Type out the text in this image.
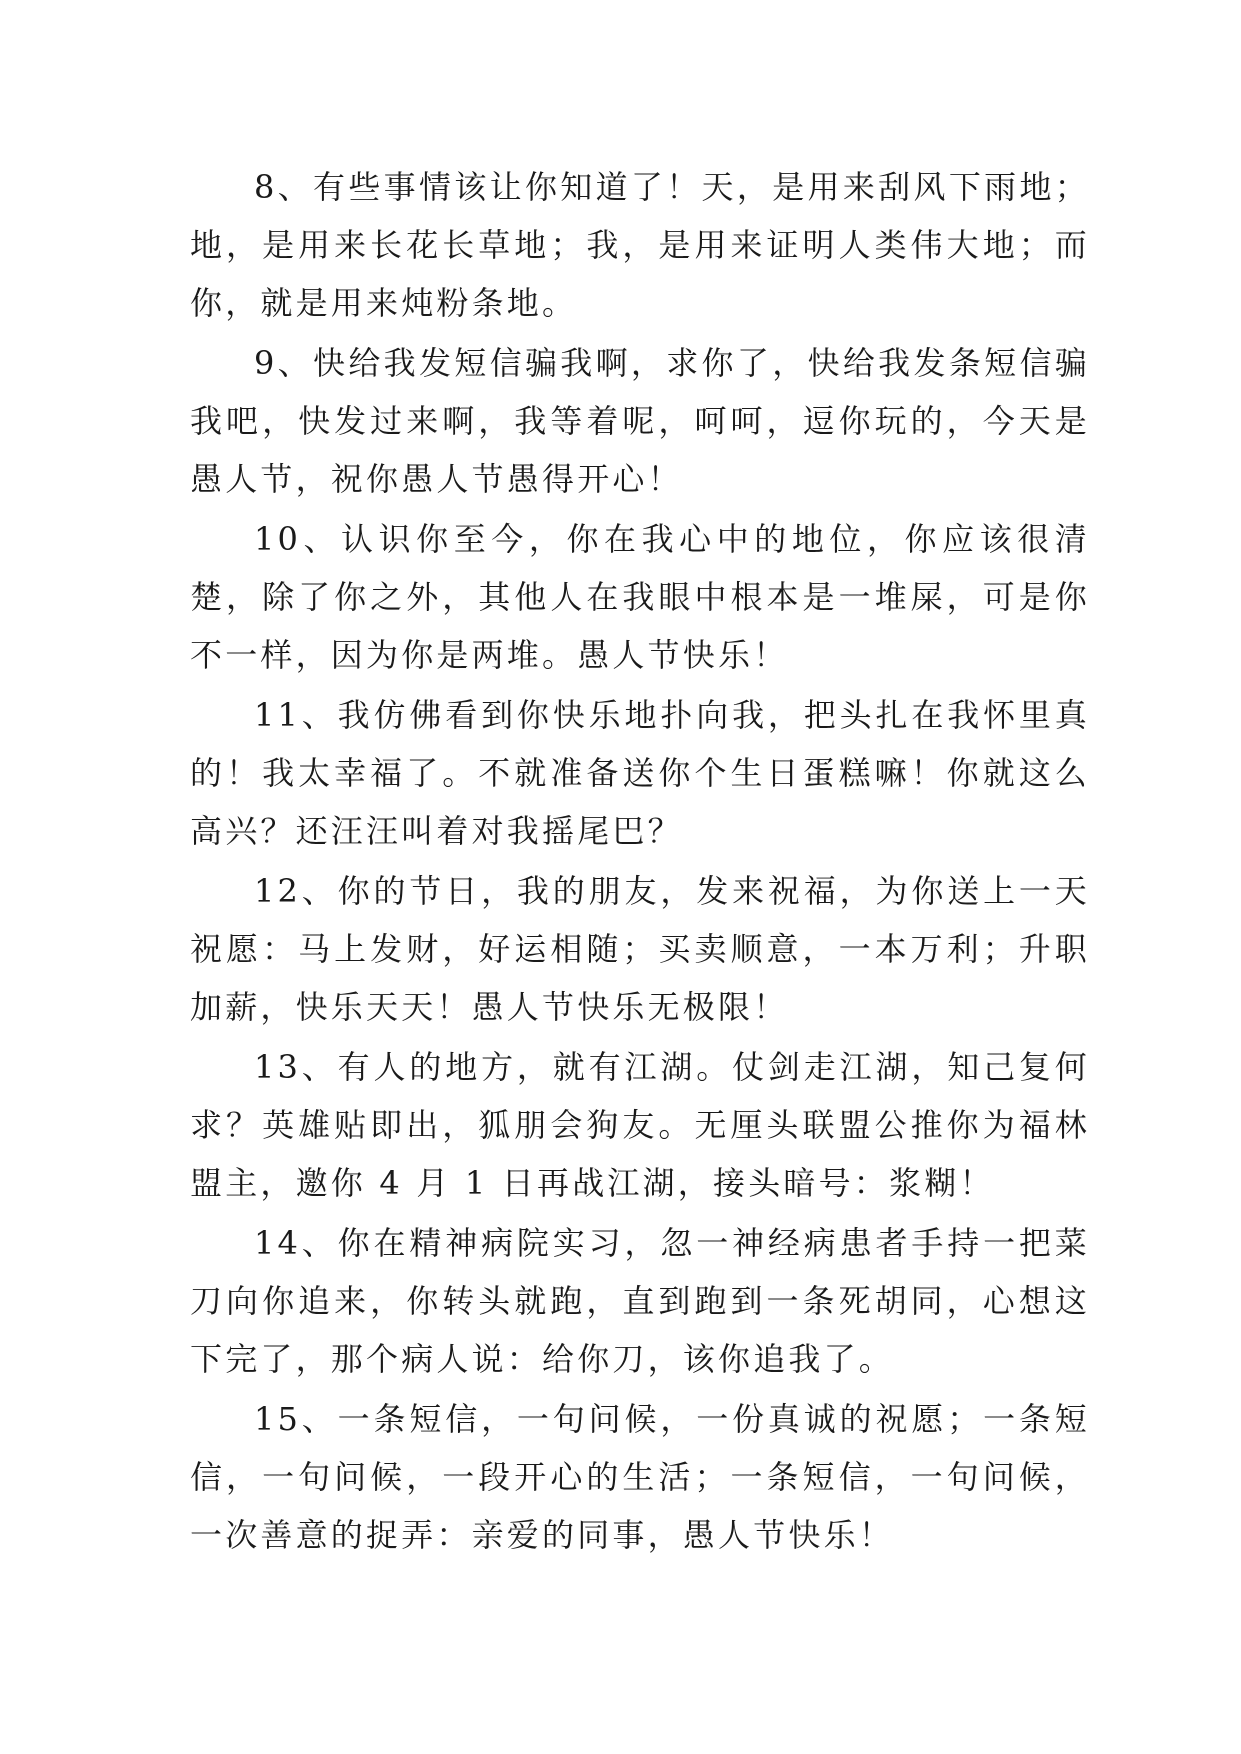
8、有些事情该让你知道了！天，是用来刮风下雨地；地，是用来长花长草地；我，是用来证明人类伟大地；而你，就是用来炖粉条地。

9、快给我发短信骗我啊，求你了，快给我发条短信骗我吧，快发过来啊，我等着呢，呵呵，逗你玩的，今天是愚人节，祝你愚人节愚得开心！

10、认识你至今，你在我心中的地位，你应该很清楚，除了你之外，其他人在我眼中根本是一堆屎，可是你不一样，因为你是两堆。愚人节快乐！

11、我仿佛看到你快乐地扑向我，把头扎在我怀里真的！我太幸福了。不就准备送你个生日蛋糕嘛！你就这么高兴？还汪汪叫着对我摇尾巴？

12、你的节日，我的朋友，发来祝福，为你送上一天祝愿：马上发财，好运相随；买卖顺意，一本万利；升职加薪，快乐天天！愚人节快乐无极限！

13、有人的地方，就有江湖。仗剑走江湖，知己复何求？英雄贴即出，狐朋会狗友。无厘头联盟公推你为福林盟主，邀你 4 月 1 日再战江湖，接头暗号：浆糊！

14、你在精神病院实习，忽一神经病患者手持一把菜刀向你追来，你转头就跑，直到跑到一条死胡同，心想这下完了，那个病人说：给你刀，该你追我了。

15、一条短信，一句问候，一份真诚的祝愿；一条短信，一句问候，一段开心的生活；一条短信，一句问候，一次善意的捉弄：亲爱的同事，愚人节快乐！
